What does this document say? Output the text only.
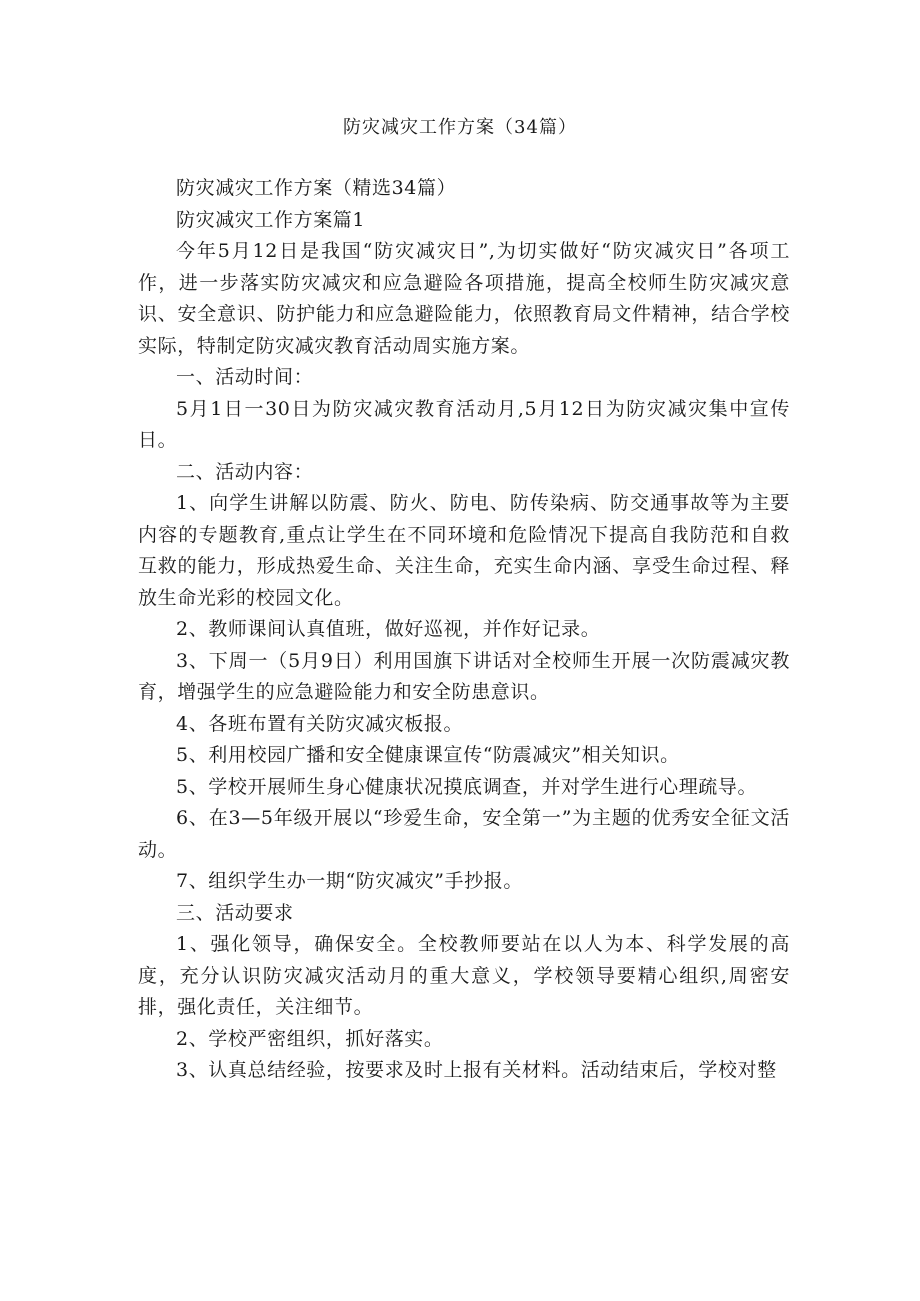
防灾减灾工作方案（34篇）

防灾减灾工作方案（精选34篇）

防灾减灾工作方案篇1

今年5月12日是我国“防灾减灾日”,为切实做好“防灾减灾日”各项工作，进一步落实防灾减灾和应急避险各项措施，提高全校师生防灾减灾意识、安全意识、防护能力和应急避险能力，依照教育局文件精神，结合学校实际，特制定防灾减灾教育活动周实施方案。

一、活动时间：

5月1日一30日为防灾减灾教育活动月,5月12日为防灾减灾集中宣传日。

二、活动内容：

1、向学生讲解以防震、防火、防电、防传染病、防交通事故等为主要内容的专题教育,重点让学生在不同环境和危险情况下提高自我防范和自救互救的能力，形成热爱生命、关注生命，充实生命内涵、享受生命过程、释放生命光彩的校园文化。

2、教师课间认真值班，做好巡视，并作好记录。

3、下周一（5月9日）利用国旗下讲话对全校师生开展一次防震减灾教育，增强学生的应急避险能力和安全防患意识。

4、各班布置有关防灾减灾板报。

5、利用校园广播和安全健康课宣传“防震减灾”相关知识。

5、学校开展师生身心健康状况摸底调查，并对学生进行心理疏导。

6、在3—5年级开展以“珍爱生命，安全第一”为主题的优秀安全征文活动。

7、组织学生办一期“防灾减灾”手抄报。

三、活动要求

1、强化领导，确保安全。全校教师要站在以人为本、科学发展的高度，充分认识防灾减灾活动月的重大意义，学校领导要精心组织,周密安排，强化责任，关注细节。

2、学校严密组织，抓好落实。

3、认真总结经验，按要求及时上报有关材料。活动结束后，学校对整
